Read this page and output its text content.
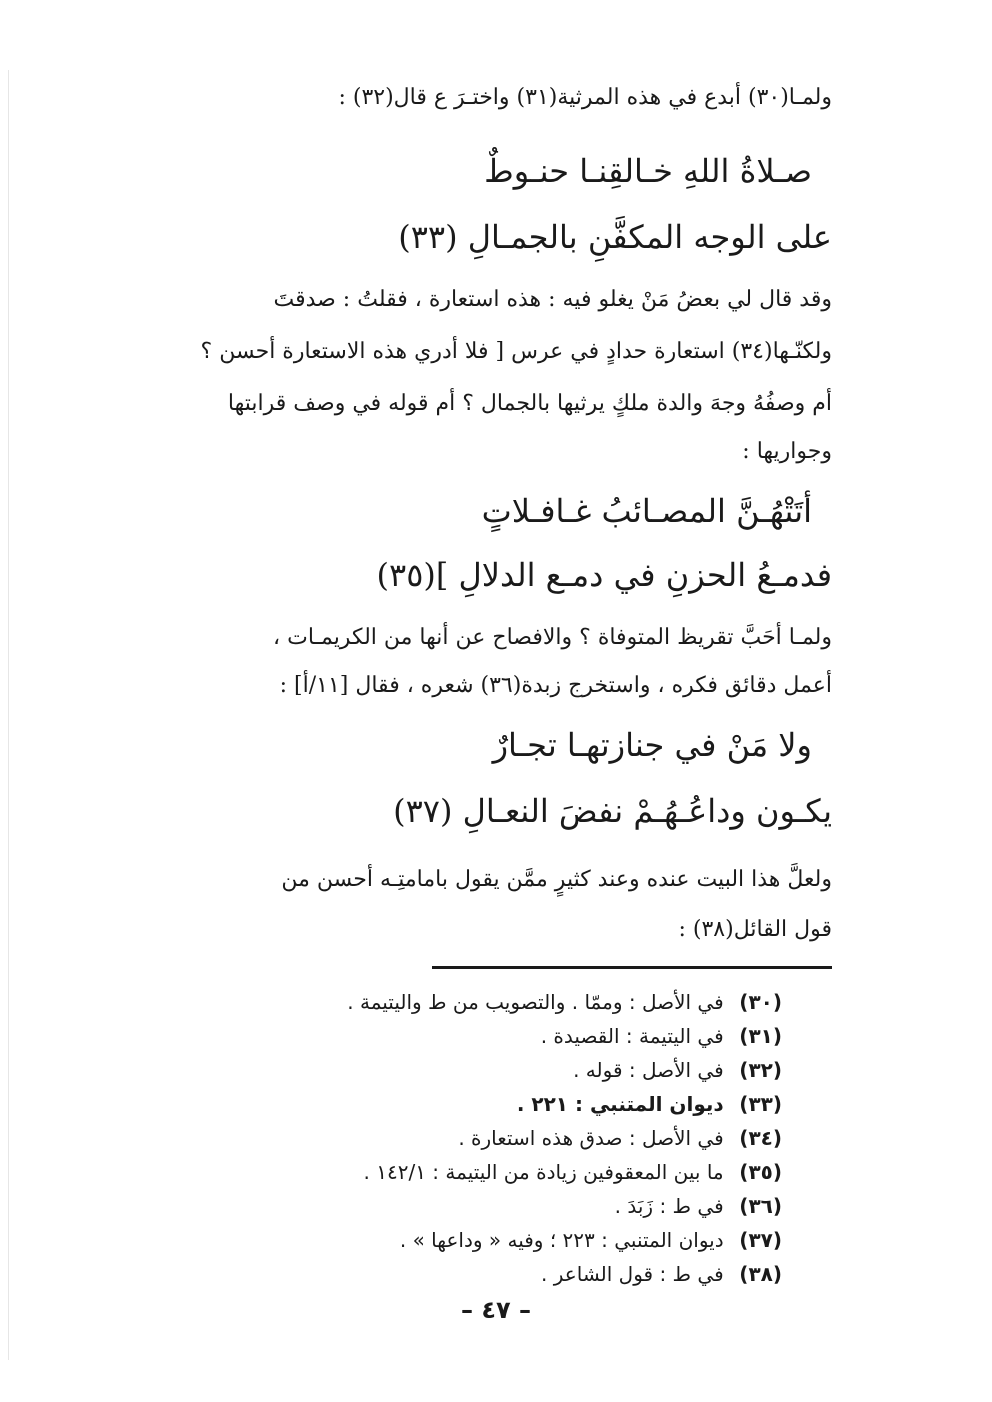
ولمـا(٣٠) أبدع في هذه المرثية(٣١) واختـرَ ع قال(٣٢) :
صـلاةُ اللهِ خـالقِنـا حنـوطٌ
على الوجه المكفَّنِ بالجمـالِ (٣٣)
وقد قال لي بعضُ مَنْ يغلو فيه : هذه استعارة ، فقلتُ : صدقتَ
ولكنّـها(٣٤) استعارة حدادٍ في عرس [ فلا أدري هذه الاستعارة أحسن ؟
أم وصفُهُ وجهَ والدة ملكٍ يرثيها بالجمال ؟ أم قوله في وصف قرابتها
وجواريها :
أتَتْهُـنَّ المصـائبُ غـافـلاتٍ
فدمـعُ الحزنِ في دمـع الدلالِ ](٣٥)
ولمـا أحَبَّ تقريظ المتوفاة ؟ والافصاح عن أنها من الكريمـات ،
أعمل دقائق فكره ، واستخرج زبدة(٣٦) شعره ، فقال [١١/أ] :
ولا مَنْ في جنازتهـا تجـارٌ
يكـون وداعُـهُـمْ نفضَ النعـالِ (٣٧)
ولعلَّ هذا البيت عنده وعند كثيرٍ ممَّن يقول بامامتِـه أحسن من
قول القائل(٣٨) :
(٣٠) في الأصل : وممّا . والتصويب من ط واليتيمة .
(٣١) في اليتيمة : القصيدة .
(٣٢) في الأصل : قوله .
(٣٣) ديوان المتنبي : ٢٢١ .
(٣٤) في الأصل : صدق هذه استعارة .
(٣٥) ما بين المعقوفين زيادة من اليتيمة : ١٤٢/١ .
(٣٦) في ط : زَبَدَ .
(٣٧) ديوان المتنبي : ٢٢٣ ؛ وفيه « وداعها » .
(٣٨) في ط : قول الشاعر .
– ٤٧ –
